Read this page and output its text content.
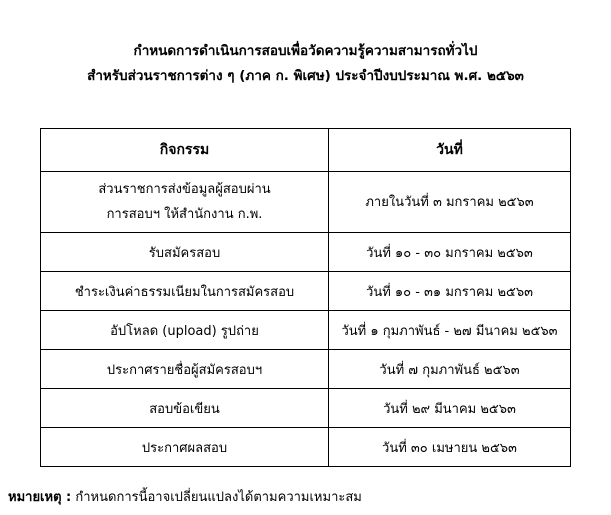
กำหนดการดำเนินการสอบเพื่อวัดความรู้ความสามารถทั่วไป
สำหรับส่วนราชการต่าง ๆ (ภาค ก. พิเศษ) ประจำปีงบประมาณ พ.ศ. ๒๕๖๓
กิจกรรม	วันที่

ส่วนราชการส่งข้อมูลผู้สอบผ่าน
การสอบฯ ให้สำนักงาน ก.พ.	ภายในวันที่ ๓ มกราคม ๒๕๖๓
รับสมัครสอบ	วันที่ ๑๐ - ๓๐ มกราคม ๒๕๖๓
ชำระเงินค่าธรรมเนียมในการสมัครสอบ	วันที่ ๑๐ - ๓๑ มกราคม ๒๕๖๓
อัปโหลด (upload) รูปถ่าย	วันที่ ๑ กุมภาพันธ์ - ๒๗ มีนาคม ๒๕๖๓
ประกาศรายชื่อผู้สมัครสอบฯ	วันที่ ๗ กุมภาพันธ์ ๒๕๖๓
สอบข้อเขียน	วันที่ ๒๙ มีนาคม ๒๕๖๓
ประกาศผลสอบ	วันที่ ๓๐ เมษายน ๒๕๖๓
หมายเหตุ : กำหนดการนี้อาจเปลี่ยนแปลงได้ตามความเหมาะสม
